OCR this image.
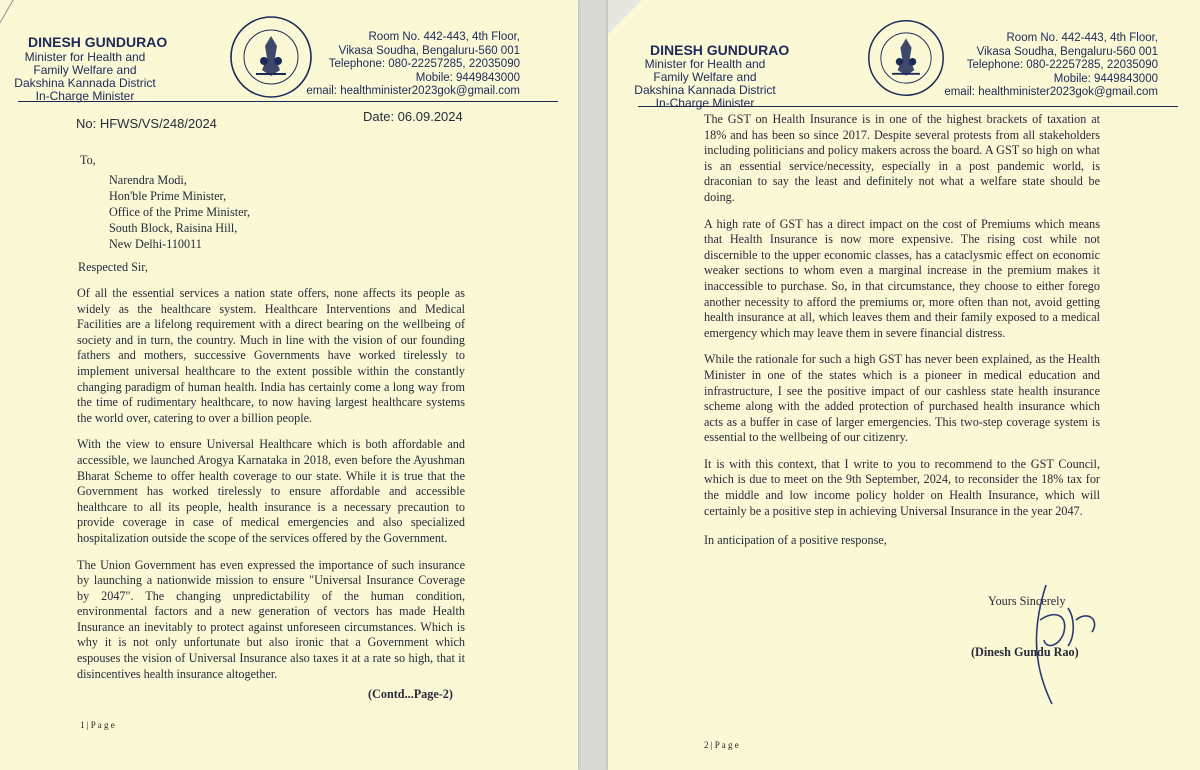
DINESH GUNDURAO
Minister for Health and
Family Welfare and
Dakshina Kannada District
In-Charge Minister
Room No. 442-443, 4th Floor,
Vikasa Soudha, Bengaluru-560 001
Telephone: 080-22257285, 22035090
Mobile: 9449843000
email: healthminister2023gok@gmail.com
No: HFWS/VS/248/2024	Date: 06.09.2024
To,
Narendra Modi,
Hon'ble Prime Minister,
Office of the Prime Minister,
South Block, Raisina Hill,
New Delhi-110011
Respected Sir,

Of all the essential services a nation state offers, none affects its people as widely as the healthcare system. Healthcare Interventions and Medical Facilities are a lifelong requirement with a direct bearing on the wellbeing of society and in turn, the country. Much in line with the vision of our founding fathers and mothers, successive Governments have worked tirelessly to implement universal healthcare to the extent possible within the constantly changing paradigm of human health. India has certainly come a long way from the time of rudimentary healthcare, to now having largest healthcare systems the world over, catering to over a billion people.

With the view to ensure Universal Healthcare which is both affordable and accessible, we launched Arogya Karnataka in 2018, even before the Ayushman Bharat Scheme to offer health coverage to our state. While it is true that the Government has worked tirelessly to ensure affordable and accessible healthcare to all its people, health insurance is a necessary precaution to provide coverage in case of medical emergencies and also specialized hospitalization outside the scope of the services offered by the Government.

The Union Government has even expressed the importance of such insurance by launching a nationwide mission to ensure "Universal Insurance Coverage by 2047". The changing unpredictability of the human condition, environmental factors and a new generation of vectors has made Health Insurance an inevitably to protect against unforeseen circumstances. Which is why it is not only unfortunate but also ironic that a Government which espouses the vision of Universal Insurance also taxes it at a rate so high, that it disincentives health insurance altogether.

(Contd...Page-2)
1 | P a g e
DINESH GUNDURAO
Minister for Health and
Family Welfare and
Dakshina Kannada District
In-Charge Minister
Room No. 442-443, 4th Floor,
Vikasa Soudha, Bengaluru-560 001
Telephone: 080-22257285, 22035090
Mobile: 9449843000
email: healthminister2023gok@gmail.com

The GST on Health Insurance is in one of the highest brackets of taxation at 18% and has been so since 2017. Despite several protests from all stakeholders including politicians and policy makers across the board. A GST so high on what is an essential service/necessity, especially in a post pandemic world, is draconian to say the least and definitely not what a welfare state should be doing.

A high rate of GST has a direct impact on the cost of Premiums which means that Health Insurance is now more expensive. The rising cost while not discernible to the upper economic classes, has a cataclysmic effect on economic weaker sections to whom even a marginal increase in the premium makes it inaccessible to purchase. So, in that circumstance, they choose to either forego another necessity to afford the premiums or, more often than not, avoid getting health insurance at all, which leaves them and their family exposed to a medical emergency which may leave them in severe financial distress.

While the rationale for such a high GST has never been explained, as the Health Minister in one of the states which is a pioneer in medical education and infrastructure, I see the positive impact of our cashless state health insurance scheme along with the added protection of purchased health insurance which acts as a buffer in case of larger emergencies. This two-step coverage system is essential to the wellbeing of our citizenry.

It is with this context, that I write to you to recommend to the GST Council, which is due to meet on the 9th September, 2024, to reconsider the 18% tax for the middle and low income policy holder on Health Insurance, which will certainly be a positive step in achieving Universal Insurance in the year 2047.

In anticipation of a positive response,

Yours Sincerely
(Dinesh Gundu Rao)
2 | P a g e
